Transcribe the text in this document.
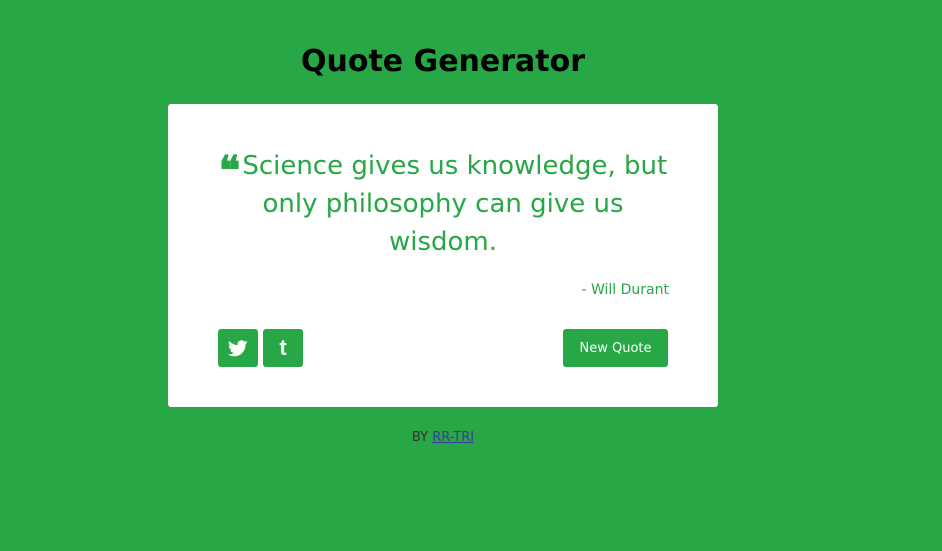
Quote Generator

❝Science gives us knowledge, but only philosophy can give us wisdom.

- Will Durant

t	New Quote
BY RR-TRI
